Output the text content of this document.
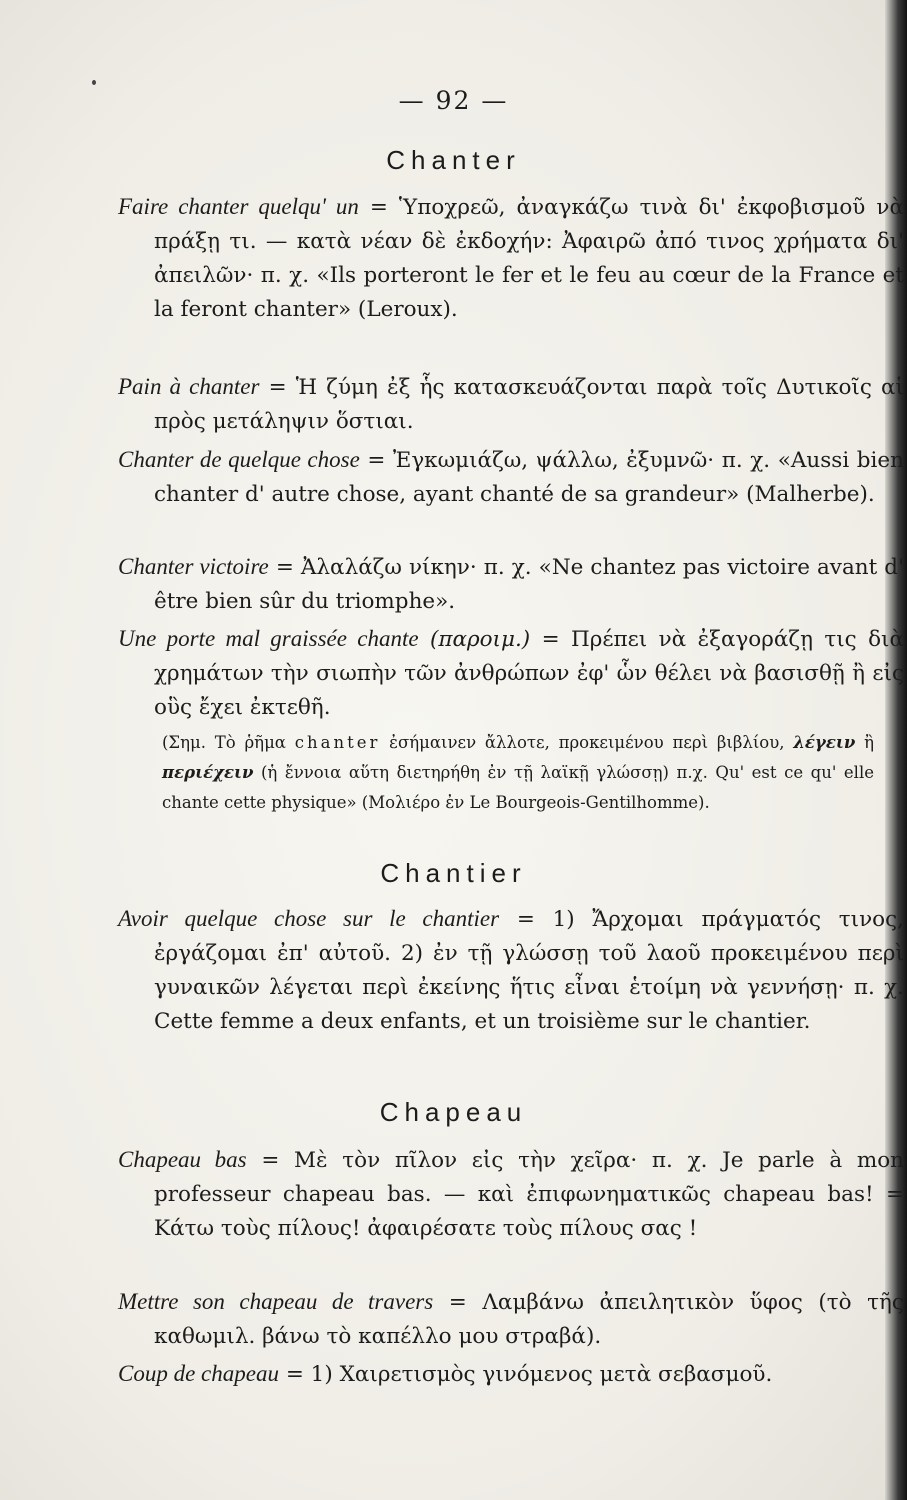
— 92 —
Chanter
Faire chanter quelqu' un = Ὑποχρεῶ, ἀναγκάζω τινὰ δι' ἐκφοβισμοῦ νὰ πράξῃ τι. — κατὰ νέαν δὲ ἐκδοχήν: Ἀφαιρῶ ἀπό τινος χρήματα δι' ἀπειλῶν· π. χ. «Ils porteront le fer et le feu au cœur de la France et la feront chanter» (Leroux).
Pain à chanter = Ἡ ζύμη ἐξ ἧς κατασκευάζονται παρὰ τοῖς Δυτικοῖς αἱ πρὸς μετάληψιν ὅστιαι.
Chanter de quelque chose = Ἐγκωμιάζω, ψάλλω, ἐξυμνῶ· π. χ. «Aussi bien chanter d' autre chose, ayant chanté de sa grandeur» (Malherbe).
Chanter victoire = Ἀλαλάζω νίκην· π. χ. «Ne chantez pas victoire avant d' être bien sûr du triomphe».
Une porte mal graissée chante (παροιμ.) = Πρέπει νὰ ἐξαγοράζῃ τις διὰ χρημάτων τὴν σιωπὴν τῶν ἀνθρώπων ἐφ' ὧν θέλει νὰ βασισθῇ ἢ εἰς οὓς ἔχει ἐκτεθῆ.
(Σημ. Τὸ ῥῆμα chanter ἐσήμαινεν ἄλλοτε, προκειμένου περὶ βιβλίου, λέγειν ἢ περιέχειν (ἡ ἔννοια αὕτη διετηρήθη ἐν τῇ λαϊκῇ γλώσσῃ) π.χ. Qu' est ce qu' elle chante cette physique» (Μολιέρο ἐν Le Bourgeois-Gentilhomme).
Chantier
Avoir quelque chose sur le chantier = 1) Ἄρχομαι πράγματός τινος, ἐργάζομαι ἐπ' αὐτοῦ. 2) ἐν τῇ γλώσσῃ τοῦ λαοῦ προκειμένου περὶ γυναικῶν λέγεται περὶ ἐκείνης ἥτις εἶναι ἑτοίμη νὰ γεννήσῃ· π. χ. Cette femme a deux enfants, et un troisième sur le chantier.
Chapeau
Chapeau bas = Μὲ τὸν πῖλον εἰς τὴν χεῖρα· π. χ. Je parle à mon professeur chapeau bas. — καὶ ἐπιφωνηματικῶς chapeau bas! = Κάτω τοὺς πίλους! ἀφαιρέσατε τοὺς πίλους σας !
Mettre son chapeau de travers = Λαμβάνω ἀπειλητικὸν ὕφος (τὸ τῆς καθωμιλ. βάνω τὸ καπέλλο μου στραβά).
Coup de chapeau = 1) Χαιρετισμὸς γινόμενος μετὰ σεβασμοῦ.
